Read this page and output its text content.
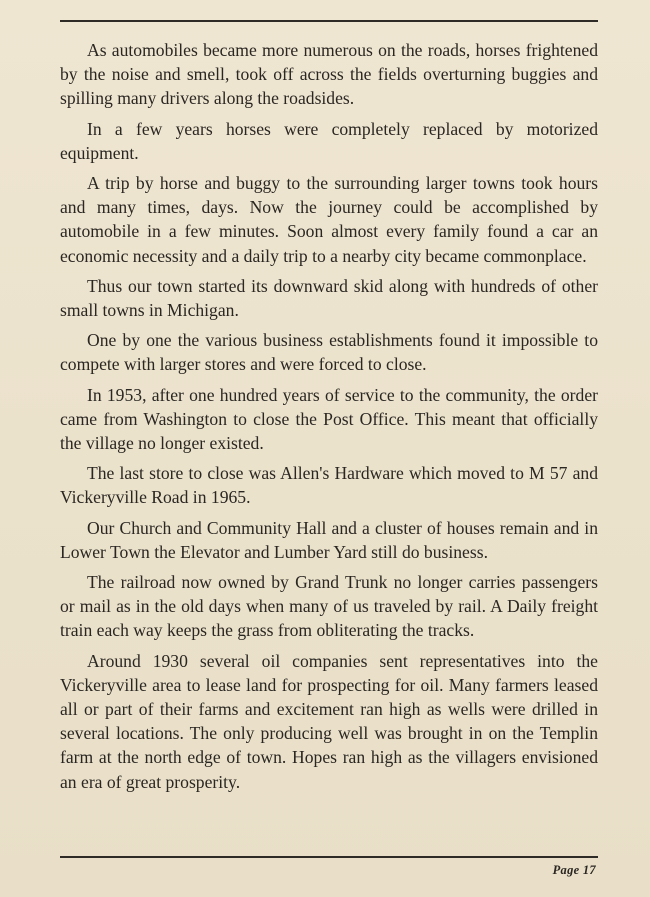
As automobiles became more numerous on the roads, horses frightened by the noise and smell, took off across the fields overturning buggies and spilling many drivers along the roadsides.

In a few years horses were completely replaced by motorized equipment.

A trip by horse and buggy to the surrounding larger towns took hours and many times, days. Now the journey could be accomplished by automobile in a few minutes. Soon almost every family found a car an economic necessity and a daily trip to a nearby city became commonplace.

Thus our town started its downward skid along with hundreds of other small towns in Michigan.

One by one the various business establishments found it impossible to compete with larger stores and were forced to close.

In 1953, after one hundred years of service to the community, the order came from Washington to close the Post Office. This meant that officially the village no longer existed.

The last store to close was Allen's Hardware which moved to M 57 and Vickeryville Road in 1965.

Our Church and Community Hall and a cluster of houses remain and in Lower Town the Elevator and Lumber Yard still do business.

The railroad now owned by Grand Trunk no longer carries passengers or mail as in the old days when many of us traveled by rail. A Daily freight train each way keeps the grass from obliterating the tracks.

Around 1930 several oil companies sent representatives into the Vickeryville area to lease land for prospecting for oil. Many farmers leased all or part of their farms and excitement ran high as wells were drilled in several locations. The only producing well was brought in on the Templin farm at the north edge of town. Hopes ran high as the villagers envisioned an era of great prosperity.

Page 17
